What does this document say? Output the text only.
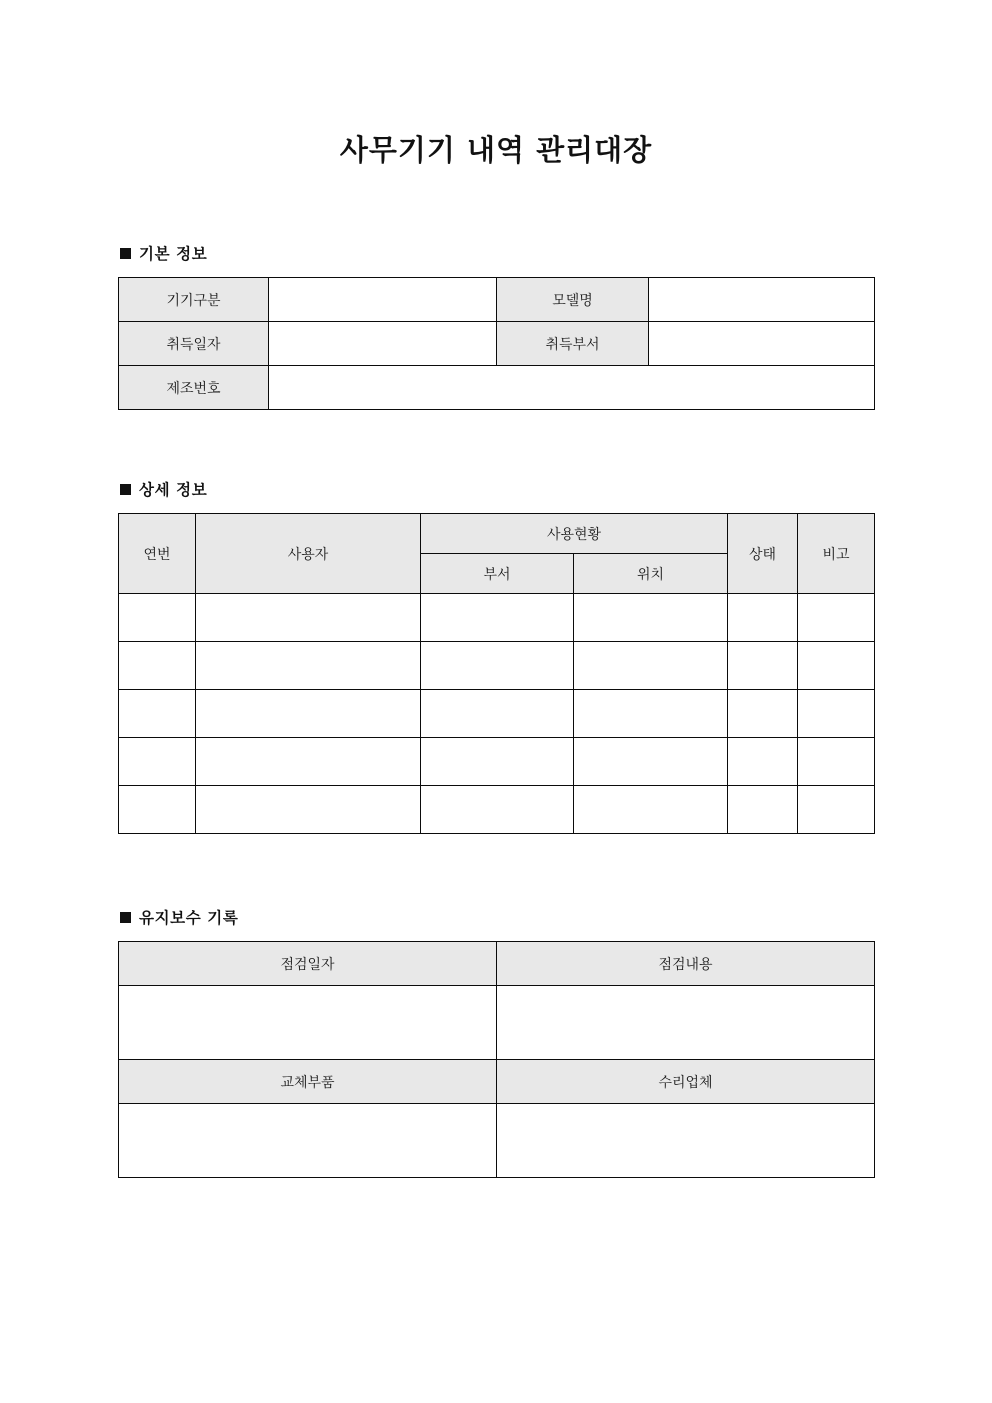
사무기기 내역 관리대장
기본 정보
기기구분		모델명	
취득일자		취득부서	
제조번호			
상세 정보
연번	사용자	사용현황		상태	비고
		부서	위치		

유지보수 기록
점검일자	점검내용

교체부품	수리업체
